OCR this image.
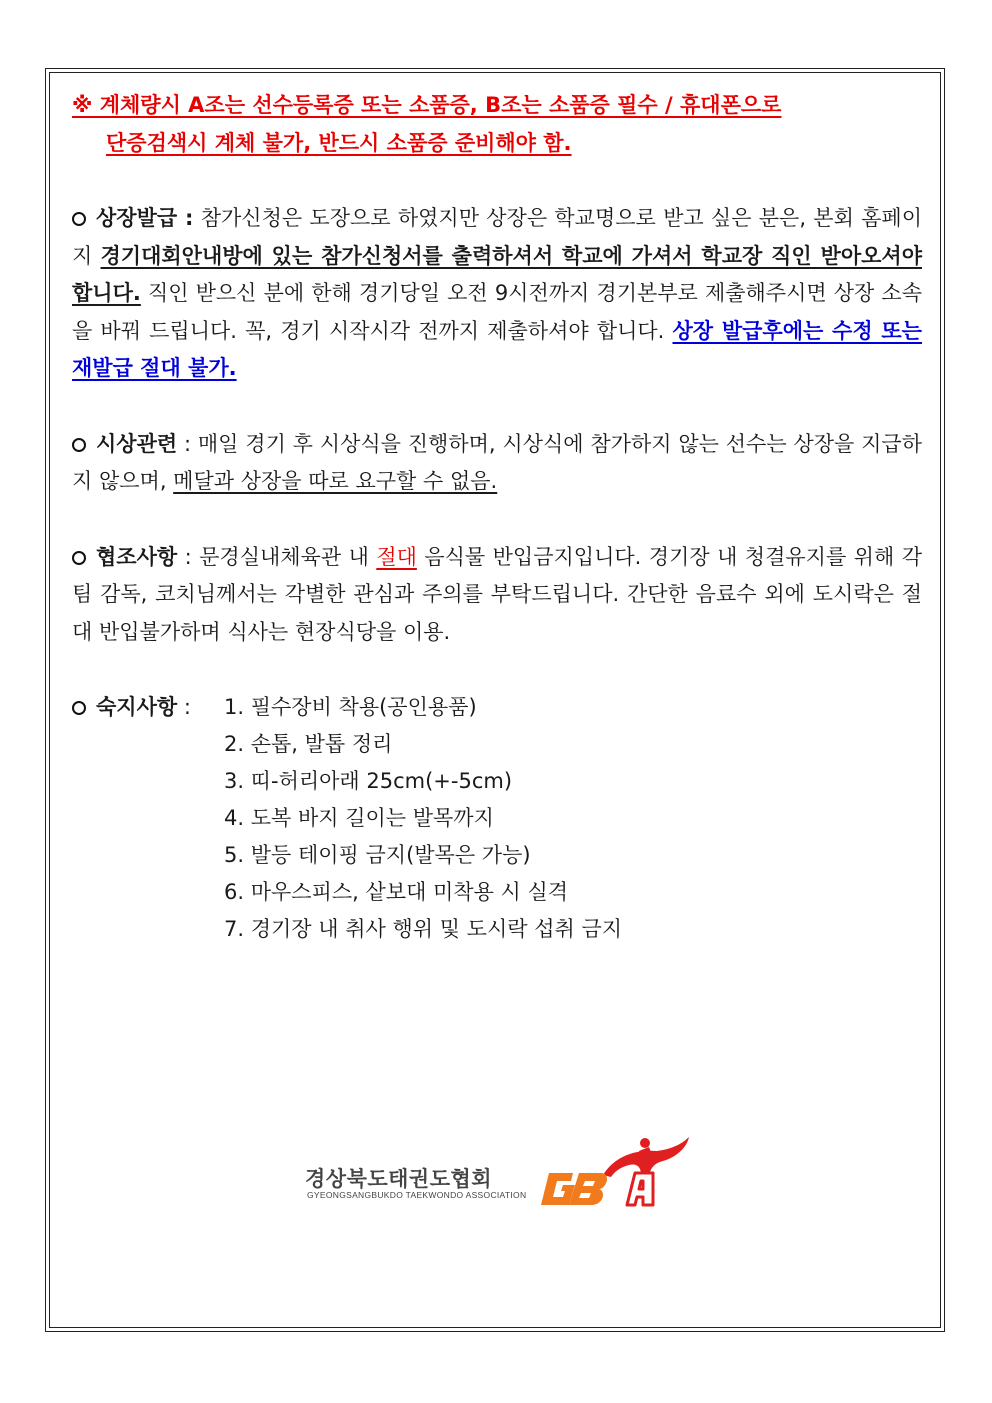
※ 계체량시 A조는 선수등록증 또는 소품증, B조는 소품증 필수 / 휴대폰으로
단증검색시 계체 불가, 반드시 소품증 준비해야 함.
상장발급 : 참가신청은 도장으로 하였지만 상장은 학교명으로 받고 싶은 분은, 본회 홈페이지 경기대회안내방에 있는 참가신청서를 출력하셔서 학교에 가셔서 학교장 직인 받아오셔야 합니다. 직인 받으신 분에 한해 경기당일 오전 9시전까지 경기본부로 제출해주시면 상장 소속을 바꿔 드립니다. 꼭, 경기 시작시각 전까지 제출하셔야 합니다. 상장 발급후에는 수정 또는 재발급 절대 불가.
시상관련 : 매일 경기 후 시상식을 진행하며, 시상식에 참가하지 않는 선수는 상장을 지급하지 않으며, 메달과 상장을 따로 요구할 수 없음.
협조사항 : 문경실내체육관 내 절대 음식물 반입금지입니다. 경기장 내 청결유지를 위해 각 팀 감독, 코치님께서는 각별한 관심과 주의를 부탁드립니다. 간단한 음료수 외에 도시락은 절대 반입불가하며 식사는 현장식당을 이용.
숙지사항 :	1. 필수장비 착용(공인용품)
2. 손톱, 발톱 정리
3. 띠-허리아래 25cm(+-5cm)
4. 도복 바지 길이는 발목까지
5. 발등 테이핑 금지(발목은 가능)
6. 마우스피스, 샅보대 미착용 시 실격
7. 경기장 내 취사 행위 및 도시락 섭취 금지
경상북도태권도협회
GYEONGSANGBUKDO TAEKWONDO ASSOCIATION
